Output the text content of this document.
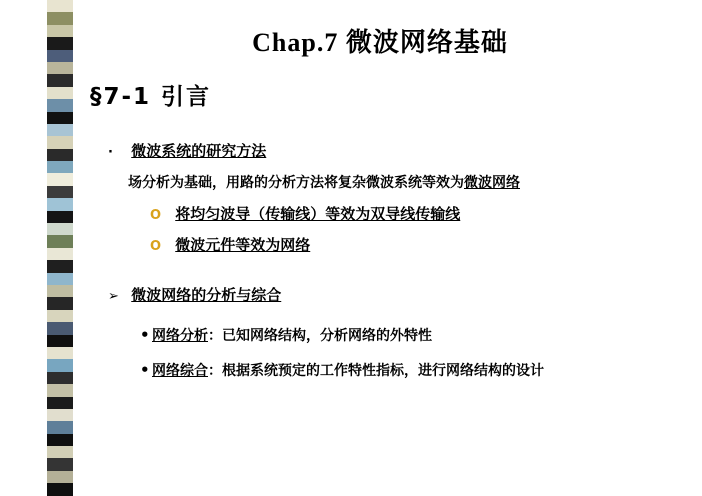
Chap.7 微波网络基础
§7-1 引言
· 微波系统的研究方法
场分析为基础，用路的分析方法将复杂微波系统等效为微波网络
O 将均匀波导（传输线）等效为双导线传输线
O 微波元件等效为网络
➢ 微波网络的分析与综合
• 网络分析：已知网络结构，分析网络的外特性
• 网络综合：根据系统预定的工作特性指标，进行网络结构的设计
